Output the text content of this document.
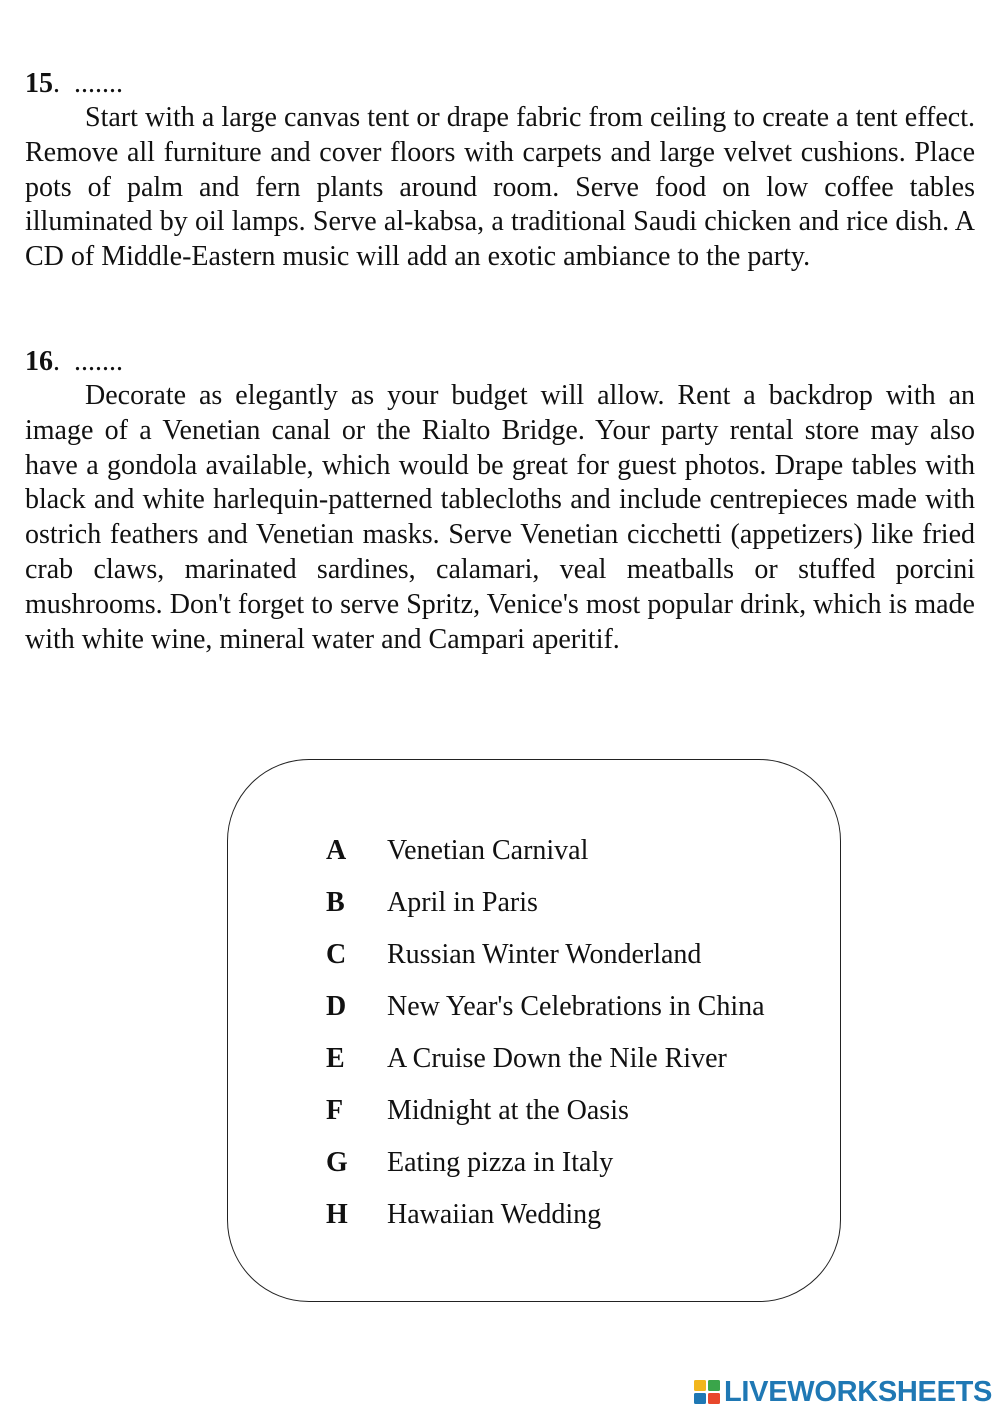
15. .......

Start with a large canvas tent or drape fabric from ceiling to create a tent effect. Remove all furniture and cover floors with carpets and large velvet cushions. Place pots of palm and fern plants around room. Serve food on low coffee tables illuminated by oil lamps. Serve al-kabsa, a traditional Saudi chicken and rice dish. A CD of Middle-Eastern music will add an exotic ambiance to the party.

16. .......

Decorate as elegantly as your budget will allow. Rent a backdrop with an image of a Venetian canal or the Rialto Bridge. Your party rental store may also have a gondola available, which would be great for guest photos. Drape tables with black and white harlequin-patterned tablecloths and include centrepieces made with ostrich feathers and Venetian masks. Serve Venetian cicchetti (appetizers) like fried crab claws, marinated sardines, calamari, veal meatballs or stuffed porcini mushrooms. Don't forget to serve Spritz, Venice's most popular drink, which is made with white wine, mineral water and Campari aperitif.

A Venetian Carnival
B April in Paris
C Russian Winter Wonderland
D New Year's Celebrations in China
E A Cruise Down the Nile River
F Midnight at the Oasis
G Eating pizza in Italy
H Hawaiian Wedding
LIVEWORKSHEETS
